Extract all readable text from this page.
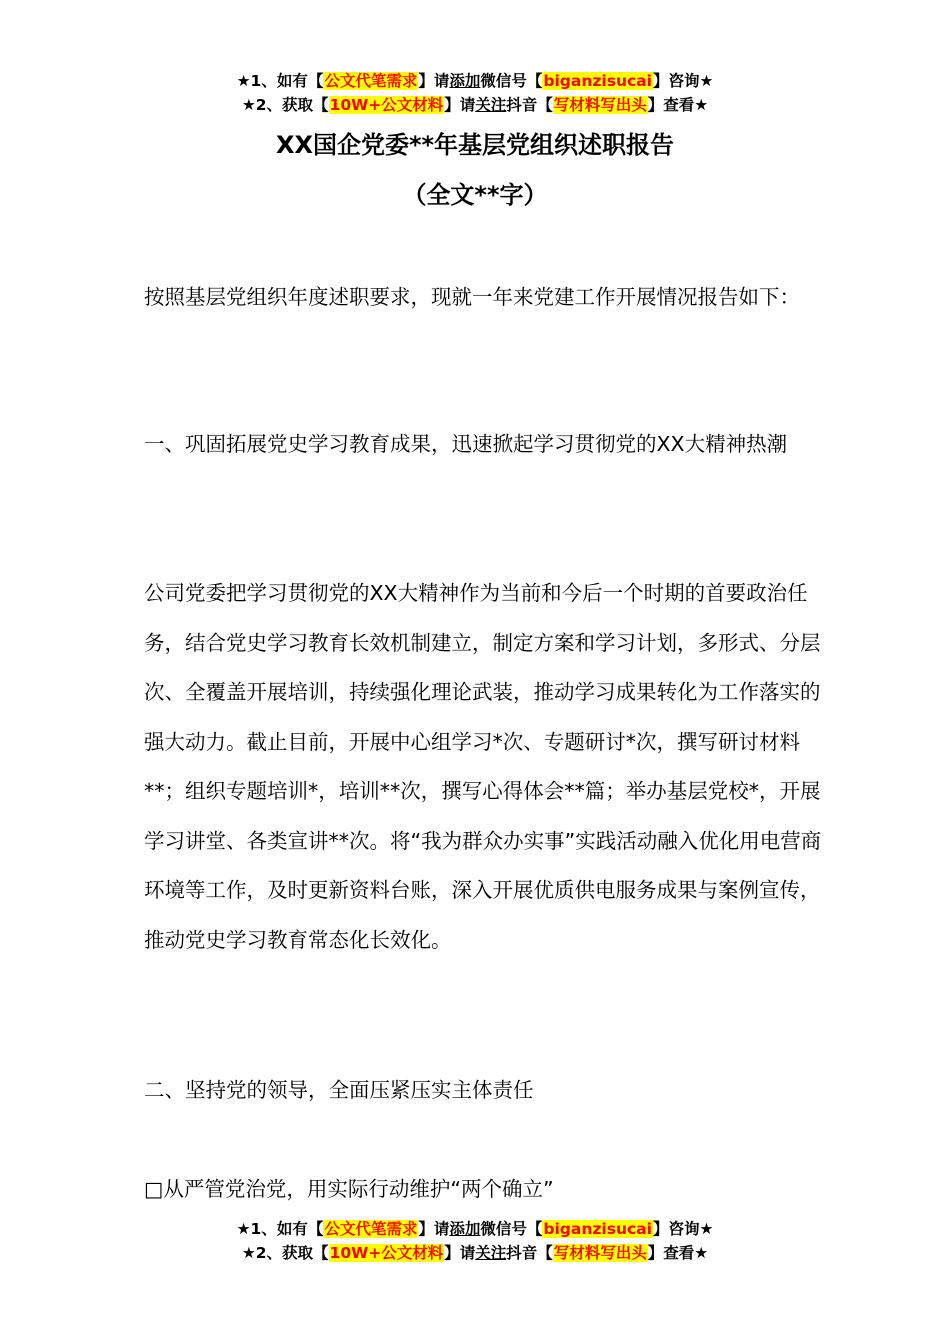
★1、如有【公文代笔需求】请添加微信号【biganzisucai】咨询★
★2、获取【10W+公文材料】请关注抖音【写材料写出头】查看★
XX国企党委**年基层党组织述职报告
（全文**字）

按照基层党组织年度述职要求，现就一年来党建工作开展情况报告如下：

一、巩固拓展党史学习教育成果，迅速掀起学习贯彻党的XX大精神热潮

公司党委把学习贯彻党的XX大精神作为当前和今后一个时期的首要政治任务，结合党史学习教育长效机制建立，制定方案和学习计划，多形式、分层次、全覆盖开展培训，持续强化理论武装，推动学习成果转化为工作落实的强大动力。截止目前，开展中心组学习*次、专题研讨*次，撰写研讨材料**；组织专题培训*，培训**次，撰写心得体会**篇；举办基层党校*，开展学习讲堂、各类宣讲**次。将“我为群众办实事”实践活动融入优化用电营商环境等工作，及时更新资料台账，深入开展优质供电服务成果与案例宣传，推动党史学习教育常态化长效化。

二、坚持党的领导，全面压紧压实主体责任

□从严管党治党，用实际行动维护“两个确立”

★1、如有【公文代笔需求】请添加微信号【biganzisucai】咨询★
★2、获取【10W+公文材料】请关注抖音【写材料写出头】查看★
